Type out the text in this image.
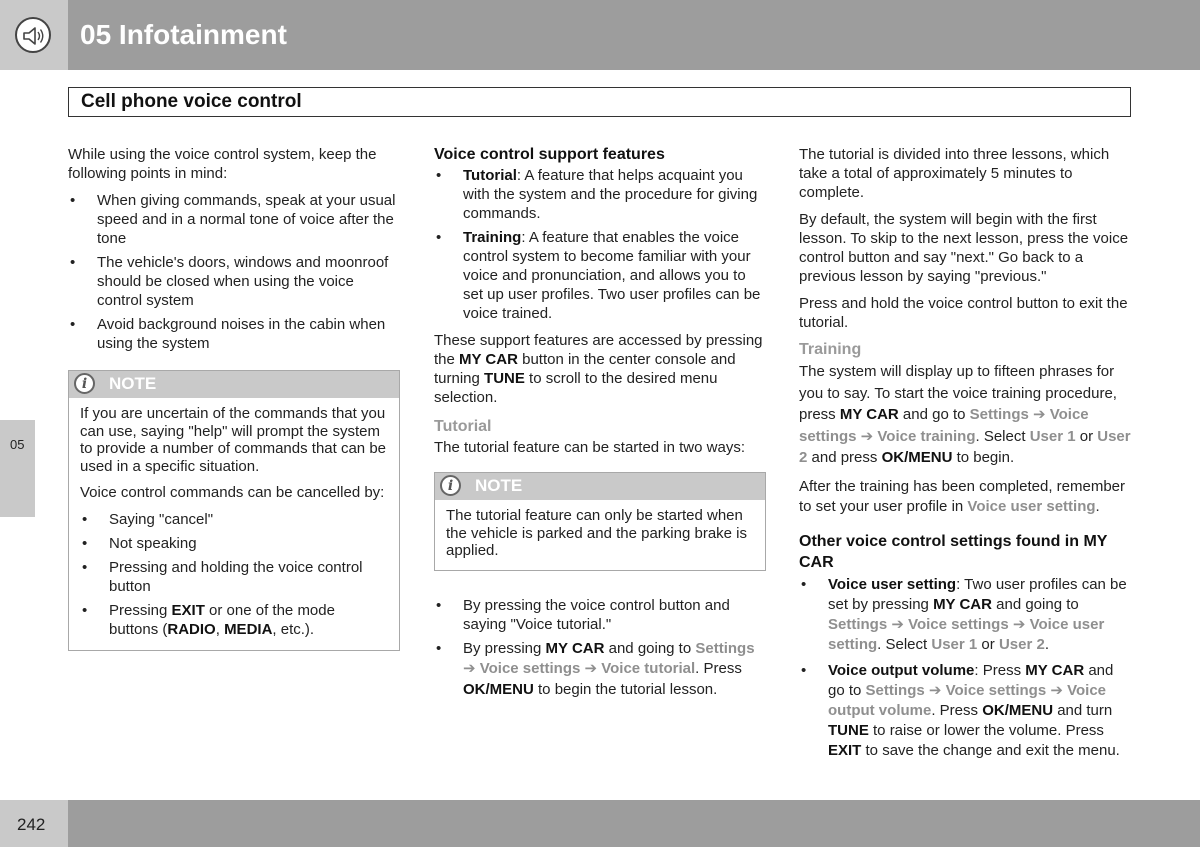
05 Infotainment
Cell phone voice control
05

While using the voice control system, keep the following points in mind:

• When giving commands, speak at your usual speed and in a normal tone of voice after the tone
• The vehicle's doors, windows and moonroof should be closed when using the voice control system
• Avoid background noises in the cabin when using the system
i	NOTE

If you are uncertain of the commands that you can use, saying "help" will prompt the system to provide a number of commands that can be used in a specific situation.

Voice control commands can be cancelled by:

• Saying "cancel"
• Not speaking
• Pressing and holding the voice control button
• Pressing EXIT or one of the mode buttons (RADIO, MEDIA, etc.).
Voice control support features
• Tutorial: A feature that helps acquaint you with the system and the procedure for giving commands.
• Training: A feature that enables the voice control system to become familiar with your voice and pronunciation, and allows you to set up user profiles. Two user profiles can be voice trained.

These support features are accessed by pressing the MY CAR button in the center console and turning TUNE to scroll to the desired menu selection.

Tutorial

The tutorial feature can be started in two ways:

i	NOTE

The tutorial feature can only be started when the vehicle is parked and the parking brake is applied.

• By pressing the voice control button and saying "Voice tutorial."
• By pressing MY CAR and going to Settings ➔ Voice settings ➔ Voice tutorial. Press OK/MENU to begin the tutorial lesson.

The tutorial is divided into three lessons, which take a total of approximately 5 minutes to complete.

By default, the system will begin with the first lesson. To skip to the next lesson, press the voice control button and say "next." Go back to a previous lesson by saying "previous."

Press and hold the voice control button to exit the tutorial.

Training

The system will display up to fifteen phrases for you to say. To start the voice training procedure, press MY CAR and go to Settings ➔ Voice settings ➔ Voice training. Select User 1 or User 2 and press OK/MENU to begin.

After the training has been completed, remember to set your user profile in Voice user setting.

Other voice control settings found in MY CAR
• Voice user setting: Two user profiles can be set by pressing MY CAR and going to Settings ➔ Voice settings ➔ Voice user setting. Select User 1 or User 2.
• Voice output volume: Press MY CAR and go to Settings ➔ Voice settings ➔ Voice output volume. Press OK/MENU and turn TUNE to raise or lower the volume. Press EXIT to save the change and exit the menu.
242
